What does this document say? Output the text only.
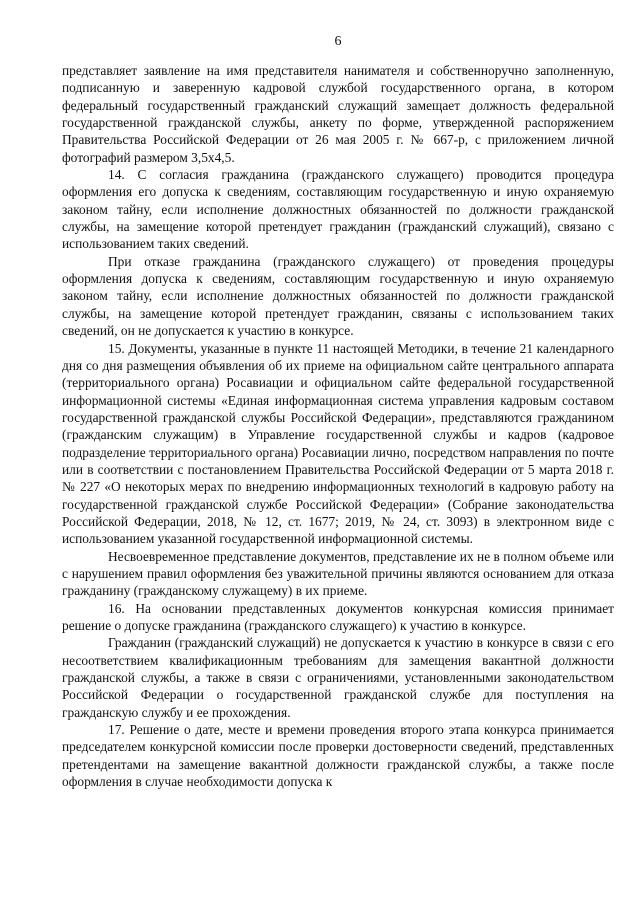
6

представляет заявление на имя представителя нанимателя и собственноручно заполненную, подписанную и заверенную кадровой службой государственного органа, в котором федеральный государственный гражданский служащий замещает должность федеральной государственной гражданской службы, анкету по форме, утвержденной распоряжением Правительства Российской Федерации от 26 мая 2005 г. № 667-р, с приложением личной фотографий размером 3,5х4,5.

14. С согласия гражданина (гражданского служащего) проводится процедура оформления его допуска к сведениям, составляющим государственную и иную охраняемую законом тайну, если исполнение должностных обязанностей по должности гражданской службы, на замещение которой претендует гражданин (гражданский служащий), связано с использованием таких сведений.

При отказе гражданина (гражданского служащего) от проведения процедуры оформления допуска к сведениям, составляющим государственную и иную охраняемую законом тайну, если исполнение должностных обязанностей по должности гражданской службы, на замещение которой претендует гражданин, связаны с использованием таких сведений, он не допускается к участию в конкурсе.

15. Документы, указанные в пункте 11 настоящей Методики, в течение 21 календарного дня со дня размещения объявления об их приеме на официальном сайте центрального аппарата (территориального органа) Росавиации и официальном сайте федеральной государственной информационной системы «Единая информационная система управления кадровым составом государственной гражданской службы Российской Федерации», представляются гражданином (гражданским служащим) в Управление государственной службы и кадров (кадровое подразделение территориального органа) Росавиации лично, посредством направления по почте или в соответствии с постановлением Правительства Российской Федерации от 5 марта 2018 г. № 227 «О некоторых мерах по внедрению информационных технологий в кадровую работу на государственной гражданской службе Российской Федерации» (Собрание законодательства Российской Федерации, 2018, № 12, ст. 1677; 2019, № 24, ст. 3093) в электронном виде с использованием указанной государственной информационной системы.

Несвоевременное представление документов, представление их не в полном объеме или с нарушением правил оформления без уважительной причины являются основанием для отказа гражданину (гражданскому служащему) в их приеме.

16. На основании представленных документов конкурсная комиссия принимает решение о допуске гражданина (гражданского служащего) к участию в конкурсе.

Гражданин (гражданский служащий) не допускается к участию в конкурсе в связи с его несоответствием квалификационным требованиям для замещения вакантной должности гражданской службы, а также в связи с ограничениями, установленными законодательством Российской Федерации о государственной гражданской службе для поступления на гражданскую службу и ее прохождения.

17. Решение о дате, месте и времени проведения второго этапа конкурса принимается председателем конкурсной комиссии после проверки достоверности сведений, представленных претендентами на замещение вакантной должности гражданской службы, а также после оформления в случае необходимости допуска к
